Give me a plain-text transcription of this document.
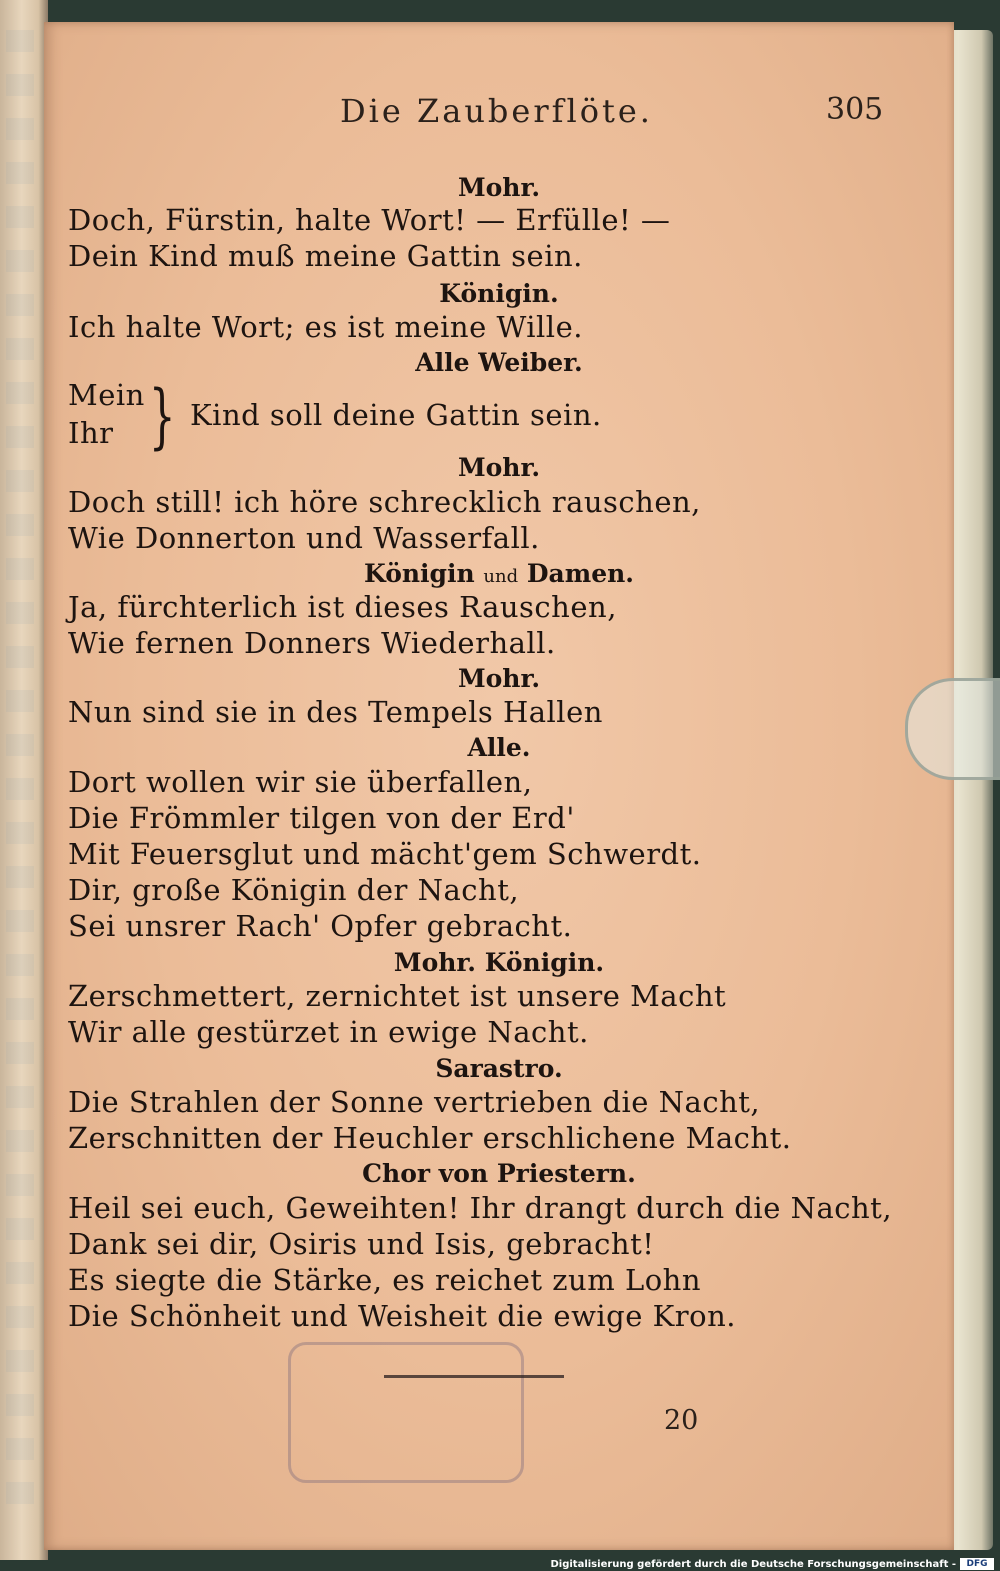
Die Zauberflöte.	305
Mohr.
Doch, Fürstin, halte Wort! — Erfülle! —
Dein Kind muß meine Gattin sein.
Königin.
Ich halte Wort; es ist meine Wille.
Alle Weiber.
Mein
Ihr } Kind soll deine Gattin sein.
Mohr.
Doch still! ich höre schrecklich rauschen,
Wie Donnerton und Wasserfall.
Königin und Damen.
Ja, fürchterlich ist dieses Rauschen,
Wie fernen Donners Wiederhall.
Mohr.
Nun sind sie in des Tempels Hallen
Alle.
Dort wollen wir sie überfallen,
Die Frömmler tilgen von der Erd'
Mit Feuersglut und mächt'gem Schwerdt.
Dir, große Königin der Nacht,
Sei unsrer Rach' Opfer gebracht.
Mohr. Königin.
Zerschmettert, zernichtet ist unsere Macht
Wir alle gestürzet in ewige Nacht.
Sarastro.
Die Strahlen der Sonne vertrieben die Nacht,
Zerschnitten der Heuchler erschlichene Macht.
Chor von Priestern.
Heil sei euch, Geweihten! Ihr drangt durch die Nacht,
Dank sei dir, Osiris und Isis, gebracht!
Es siegte die Stärke, es reichet zum Lohn
Die Schönheit und Weisheit die ewige Kron.
20
Digitalisierung gefördert durch die Deutsche Forschungsgemeinschaft -	DFG
